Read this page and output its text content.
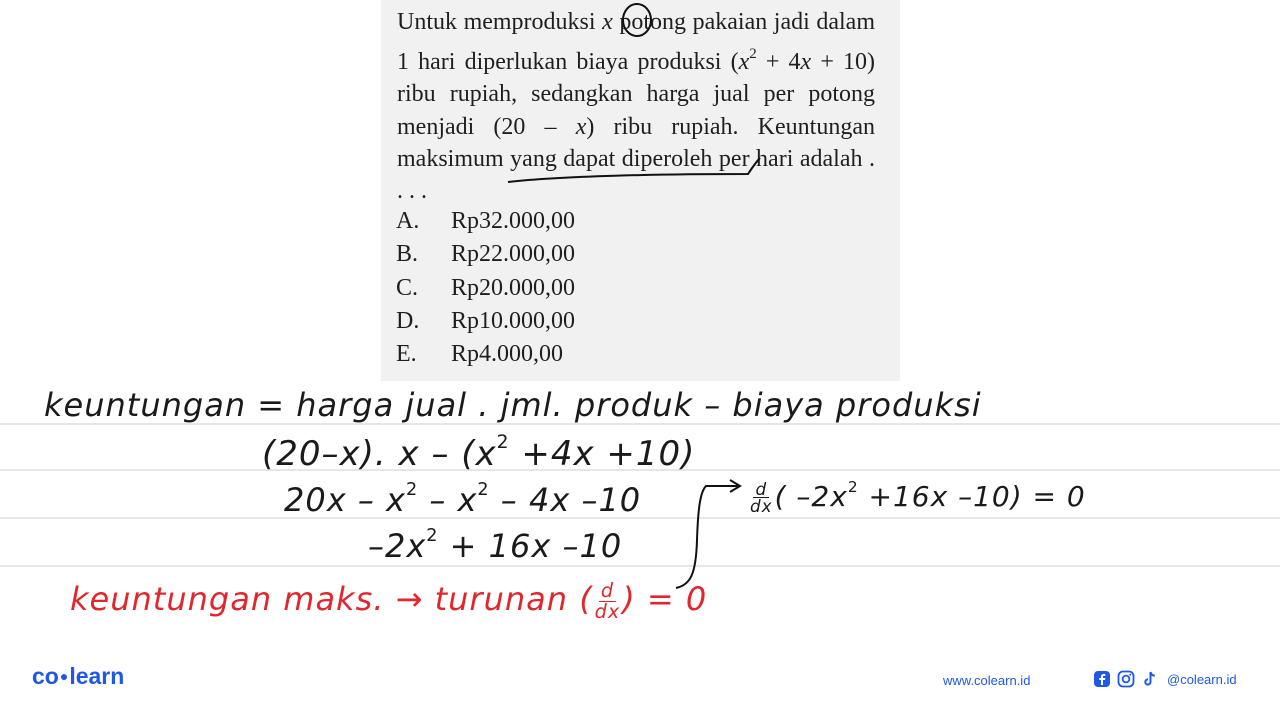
Untuk memproduksi x potong pakaian jadi dalam 1 hari diperlukan biaya produksi $(x^2 + 4x + 10)$ ribu rupiah, sedangkan harga jual per potong menjadi (20 – x) ribu rupiah. Keuntungan maksimum yang dapat diperoleh per hari adalah . . . .
A. Rp32.000,00
B. Rp22.000,00
C. Rp20.000,00
D. Rp10.000,00
E. Rp4.000,00
keuntungan = harga jual . jml. produk – biaya produksi
(20–x). $x - (x^2 +4x +10)$
$20x - x^2 - x^2 - 4x$ –10
$-2x^2 + 16x$ –10
$\frac{d}{dx}$ ( $-2x^2 +16x$ –10) = 0
keuntungan maks. → turunan ( $\frac{d}{dx}$ ) = 0
co●learn	www.colearn.id	@colearn.id
